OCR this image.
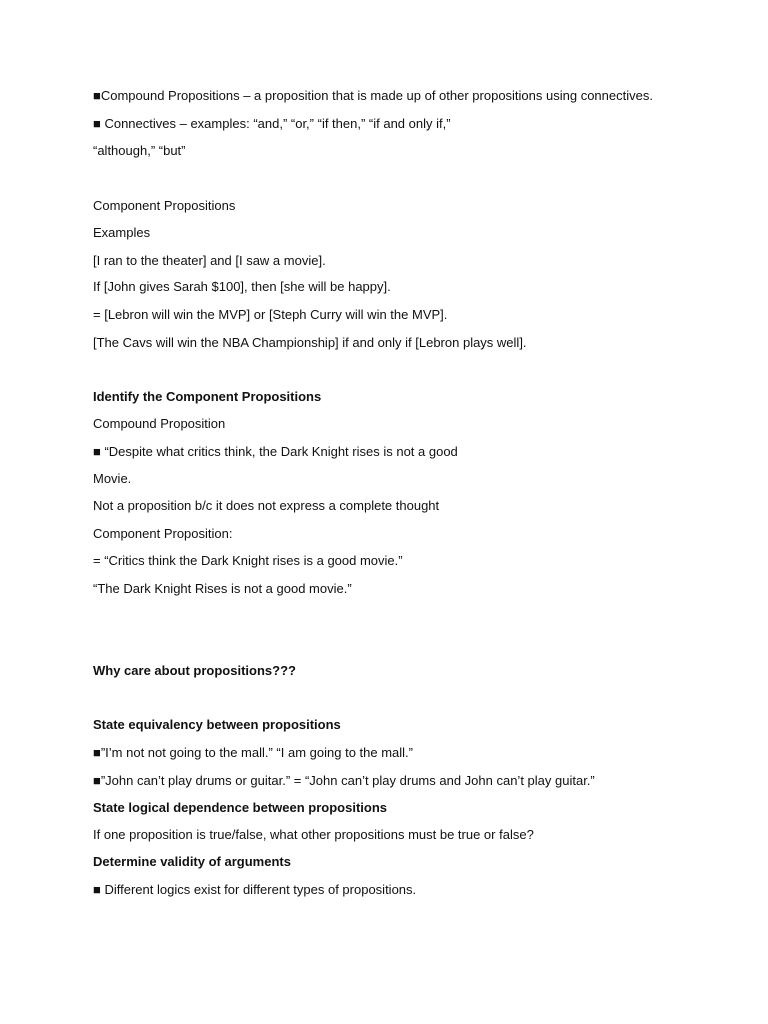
■Compound Propositions – a proposition that is made up of other propositions using connectives.
■ Connectives – examples: “and,” “or,” “if then,” “if and only if,”
“although,” “but”
Component Propositions
Examples
[I ran to the theater] and [I saw a movie].
If [John gives Sarah $100], then [she will be happy].
= [Lebron will win the MVP] or [Steph Curry will win the MVP].
[The Cavs will win the NBA Championship] if and only if [Lebron plays well].
Identify the Component Propositions
Compound Proposition
■ “Despite what critics think, the Dark Knight rises is not a good
Movie.
Not a proposition b/c it does not express a complete thought
Component Proposition:
= “Critics think the Dark Knight rises is a good movie.”
“The Dark Knight Rises is not a good movie.”
Why care about propositions???
State equivalency between propositions
■”I’m not not going to the mall.” “I am going to the mall.”
■”John can’t play drums or guitar.” = “John can’t play drums and John can’t play guitar.”
State logical dependence between propositions
If one proposition is true/false, what other propositions must be true or false?
Determine validity of arguments
■ Different logics exist for different types of propositions.
